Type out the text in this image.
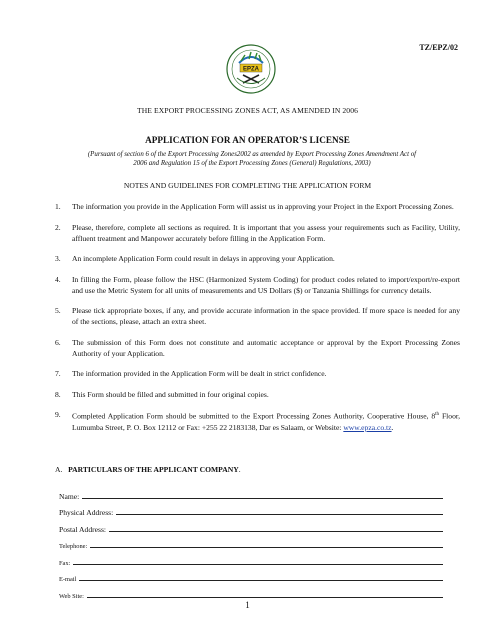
TZ/EPZ/02
EPZA
THE EXPORT PROCESSING ZONES ACT, AS AMENDED IN 2006
APPLICATION FOR AN OPERATOR’S LICENSE
(Pursuant of section 6 of the Export Processing Zones2002 as amended by Export Processing Zones Amendment Act of
2006 and Regulation 15 of the Export Processing Zones (General) Regulations, 2003)
NOTES AND GUIDELINES FOR COMPLETING THE APPLICATION FORM
1.	The information you provide in the Application Form will assist us in approving your Project in the Export Processing Zones.
2.	Please, therefore, complete all sections as required. It is important that you assess your requirements such as Facility, Utility, affluent treatment and Manpower accurately before filling in the Application Form.
3.	An incomplete Application Form could result in delays in approving your Application.
4.	In filling the Form, please follow the HSC (Harmonized System Coding) for product codes related to import/export/re-export and use the Metric System for all units of measurements and US Dollars ($) or Tanzania Shillings for currency details.
5.	Please tick appropriate boxes, if any, and provide accurate information in the space provided. If more space is needed for any of the sections, please, attach an extra sheet.
6.	The submission of this Form does not constitute and automatic acceptance or approval by the Export Processing Zones Authority of your Application.
7.	The information provided in the Application Form will be dealt in strict confidence.
8.	This Form should be filled and submitted in four original copies.
9.	Completed Application Form should be submitted to the Export Processing Zones Authority, Cooperative House, 8th Floor, Lumumba Street, P. O. Box 12112 or Fax: +255 22 2183138, Dar es Salaam, or Website: www.epza.co.tz.
A. PARTICULARS OF THE APPLICANT COMPANY.
Name:
Physical Address:
Postal Address:
Telephone:
Fax:
E-mail
Web Site:
1
